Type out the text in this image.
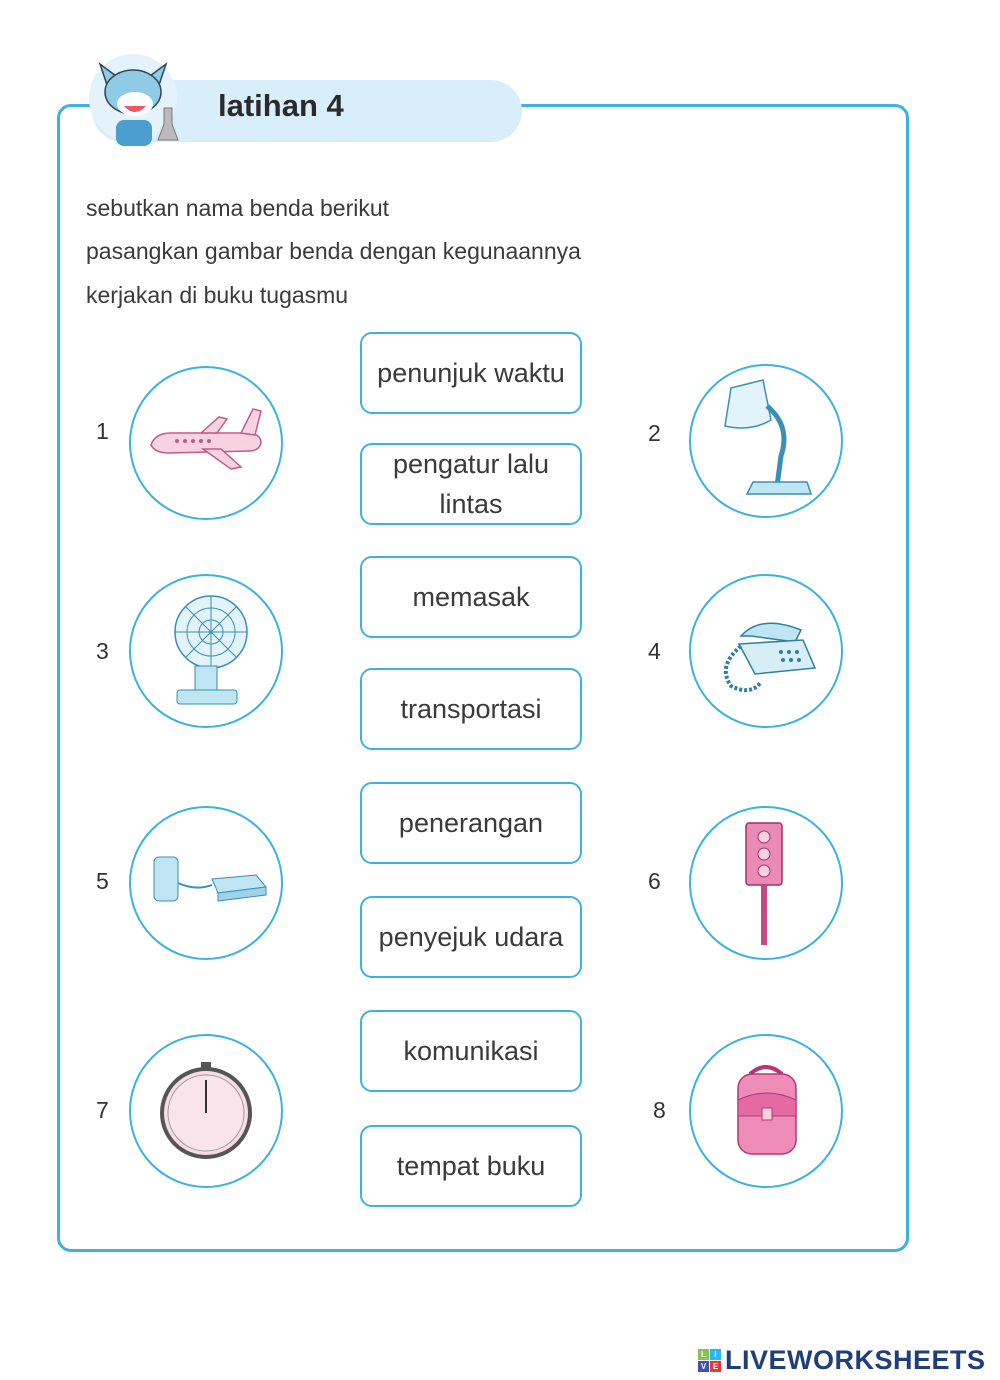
latihan 4
sebutkan nama benda berikut
pasangkan gambar benda dengan kegunaannya
kerjakan di buku tugasmu
1	2
3	4
5	6
7	8
penunjuk waktu
pengatur lalu lintas
memasak
transportasi
penerangan
penyejuk udara
komunikasi
tempat buku
L	I
V E LIVEWORKSHEETS
